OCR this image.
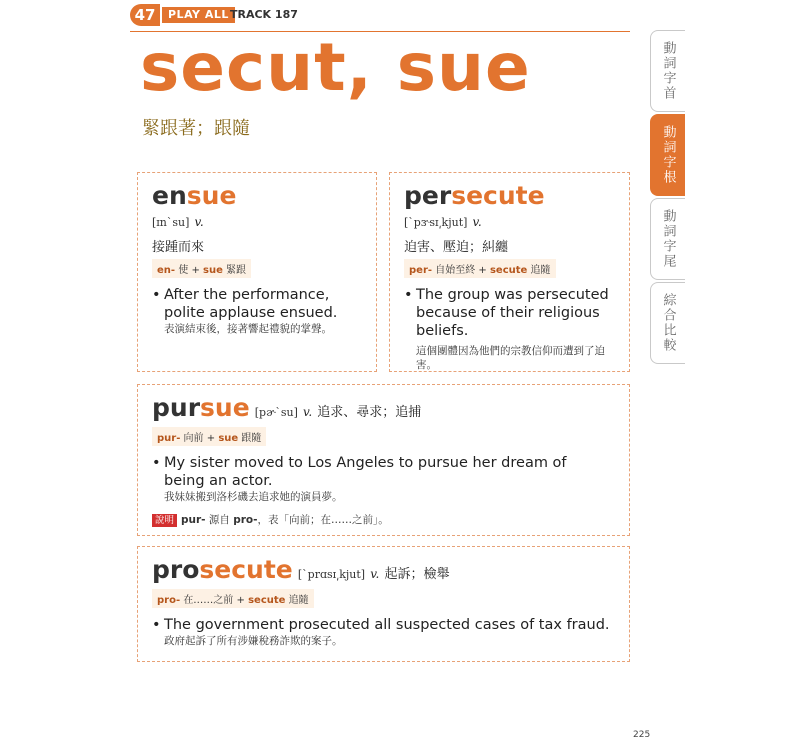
47	PLAY ALL TRACK 187
secut, sue
緊跟著；跟隨
動詞字首
動詞字根
動詞字尾
綜合比較
ensue
[ɪn`su] v.
接踵而來
en- 使 + sue 緊跟
• After the performance, polite applause ensued.
表演結束後，接著響起禮貌的掌聲。
persecute
[`pɝsɪ͵kjut] v.
迫害、壓迫；糾纏
per- 自始至終 + secute 追隨
• The group was persecuted because of their religious beliefs.
這個團體因為他們的宗教信仰而遭到了迫害。
pursue [pɚ`su] v. 追求、尋求；追捕
pur- 向前 + sue 跟隨
• My sister moved to Los Angeles to pursue her dream of being an actor.
我妹妹搬到洛杉磯去追求她的演員夢。
說明 pur- 源自 pro-，表「向前；在……之前」。
prosecute [`prɑsɪ͵kjut] v. 起訴；檢舉
pro- 在……之前 + secute 追隨
• The government prosecuted all suspected cases of tax fraud.
政府起訴了所有涉嫌稅務詐欺的案子。
225
